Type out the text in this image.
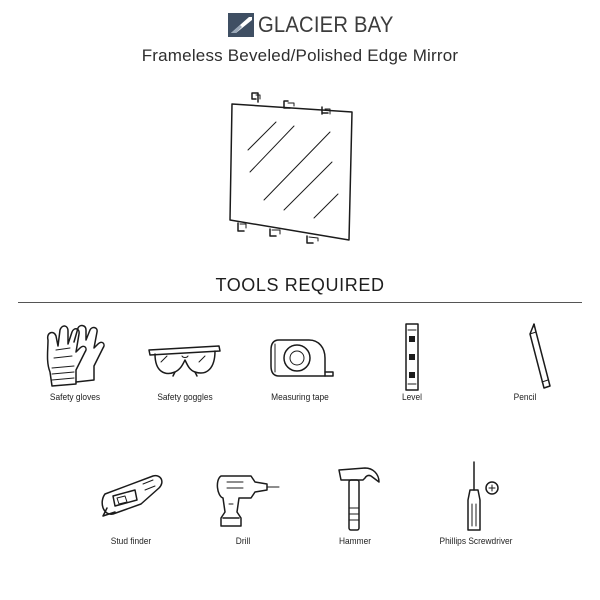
GLACIER BAY
Frameless Beveled/Polished Edge Mirror
TOOLS REQUIRED
Safety gloves	Safety goggles	Measuring tape	Level	Pencil
Stud finder	Drill	Hammer	Phillips Screwdriver
